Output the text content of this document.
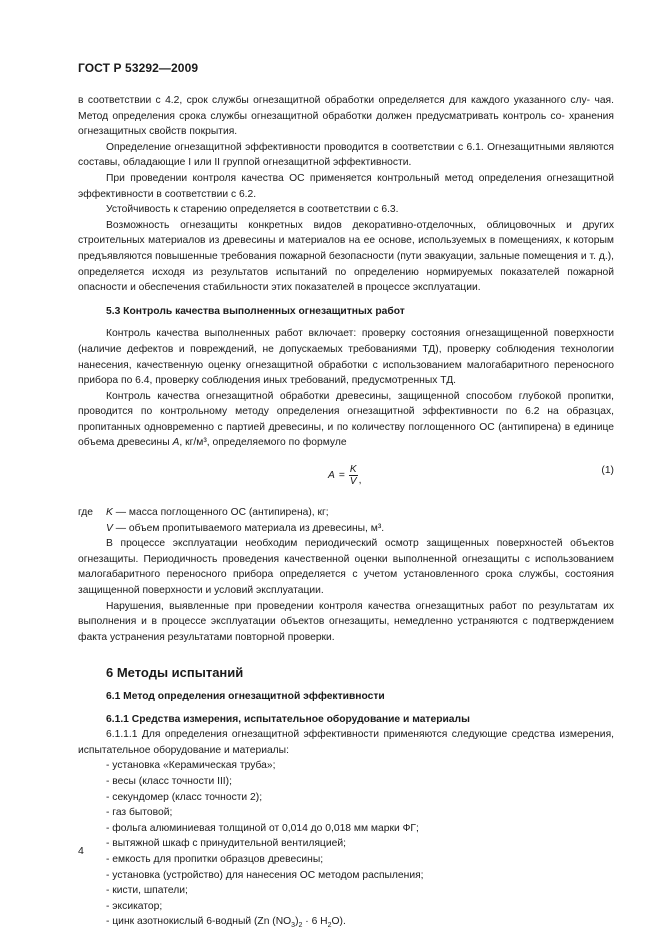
ГОСТ Р 53292—2009

в соответствии с 4.2, срок службы огнезащитной обработки определяется для каждого указанного слу- чая. Метод определения срока службы огнезащитной обработки должен предусматривать контроль со- хранения огнезащитных свойств покрытия.

Определение огнезащитной эффективности проводится в соответствии с 6.1. Огнезащитными являются составы, обладающие I или II группой огнезащитной эффективности.

При проведении контроля качества ОС применяется контрольный метод определения огнезащитной эффективности в соответствии с 6.2.

Устойчивость к старению определяется в соответствии с 6.3.

Возможность огнезащиты конкретных видов декоративно-отделочных, облицовочных и других строительных материалов из древесины и материалов на ее основе, используемых в помещениях, к которым предъявляются повышенные требования пожарной безопасности (пути эвакуации, зальные помещения и т. д.), определяется исходя из результатов испытаний по определению нормируемых показателей пожарной опасности и обеспечения стабильности этих показателей в процессе эксплуатации.

5.3 Контроль качества выполненных огнезащитных работ

Контроль качества выполненных работ включает: проверку состояния огнезащищенной поверхности (наличие дефектов и повреждений, не допускаемых требованиями ТД), проверку соблюдения технологии нанесения, качественную оценку огнезащитной обработки с использованием малогабаритного переносного прибора по 6.4, проверку соблюдения иных требований, предусмотренных ТД.

Контроль качества огнезащитной обработки древесины, защищенной способом глубокой пропитки, проводится по контрольному методу определения огнезащитной эффективности по 6.2 на образцах, пропитанных одновременно с партией древесины, и по количеству поглощенного ОС (антипирена) в единице объема древесины A, кг/м³, определяемого по формуле

$A = \frac{K}{V}$ ,
(1)
где	K — масса поглощенного ОС (антипирена), кг;
V — объем пропитываемого материала из древесины, м³.

В процессе эксплуатации необходим периодический осмотр защищенных поверхностей объектов огнезащиты. Периодичность проведения качественной оценки выполненной огнезащиты с использованием малогабаритного переносного прибора определяется с учетом установленного срока службы, состояния защищенной поверхности и условий эксплуатации.

Нарушения, выявленные при проведении контроля качества огнезащитных работ по результатам их выполнения и в процессе эксплуатации объектов огнезащиты, немедленно устраняются с подтверждением факта устранения результатами повторной проверки.

6 Методы испытаний

6.1 Метод определения огнезащитной эффективности

6.1.1 Средства измерения, испытательное оборудование и материалы

6.1.1.1 Для определения огнезащитной эффективности применяются следующие средства измерения, испытательное оборудование и материалы:

- установка «Керамическая труба»;

- весы (класс точности III);

- секундомер (класс точности 2);

- газ бытовой;

- фольга алюминиевая толщиной от 0,014 до 0,018 мм марки ФГ;

- вытяжной шкаф с принудительной вентиляцией;

- емкость для пропитки образцов древесины;

- установка (устройство) для нанесения ОС методом распыления;

- кисти, шпатели;

- эксикатор;

- цинк азотнокислый 6-водный (Zn $(NO_3)_2 \cdot 6$ $H_2O$).

4
